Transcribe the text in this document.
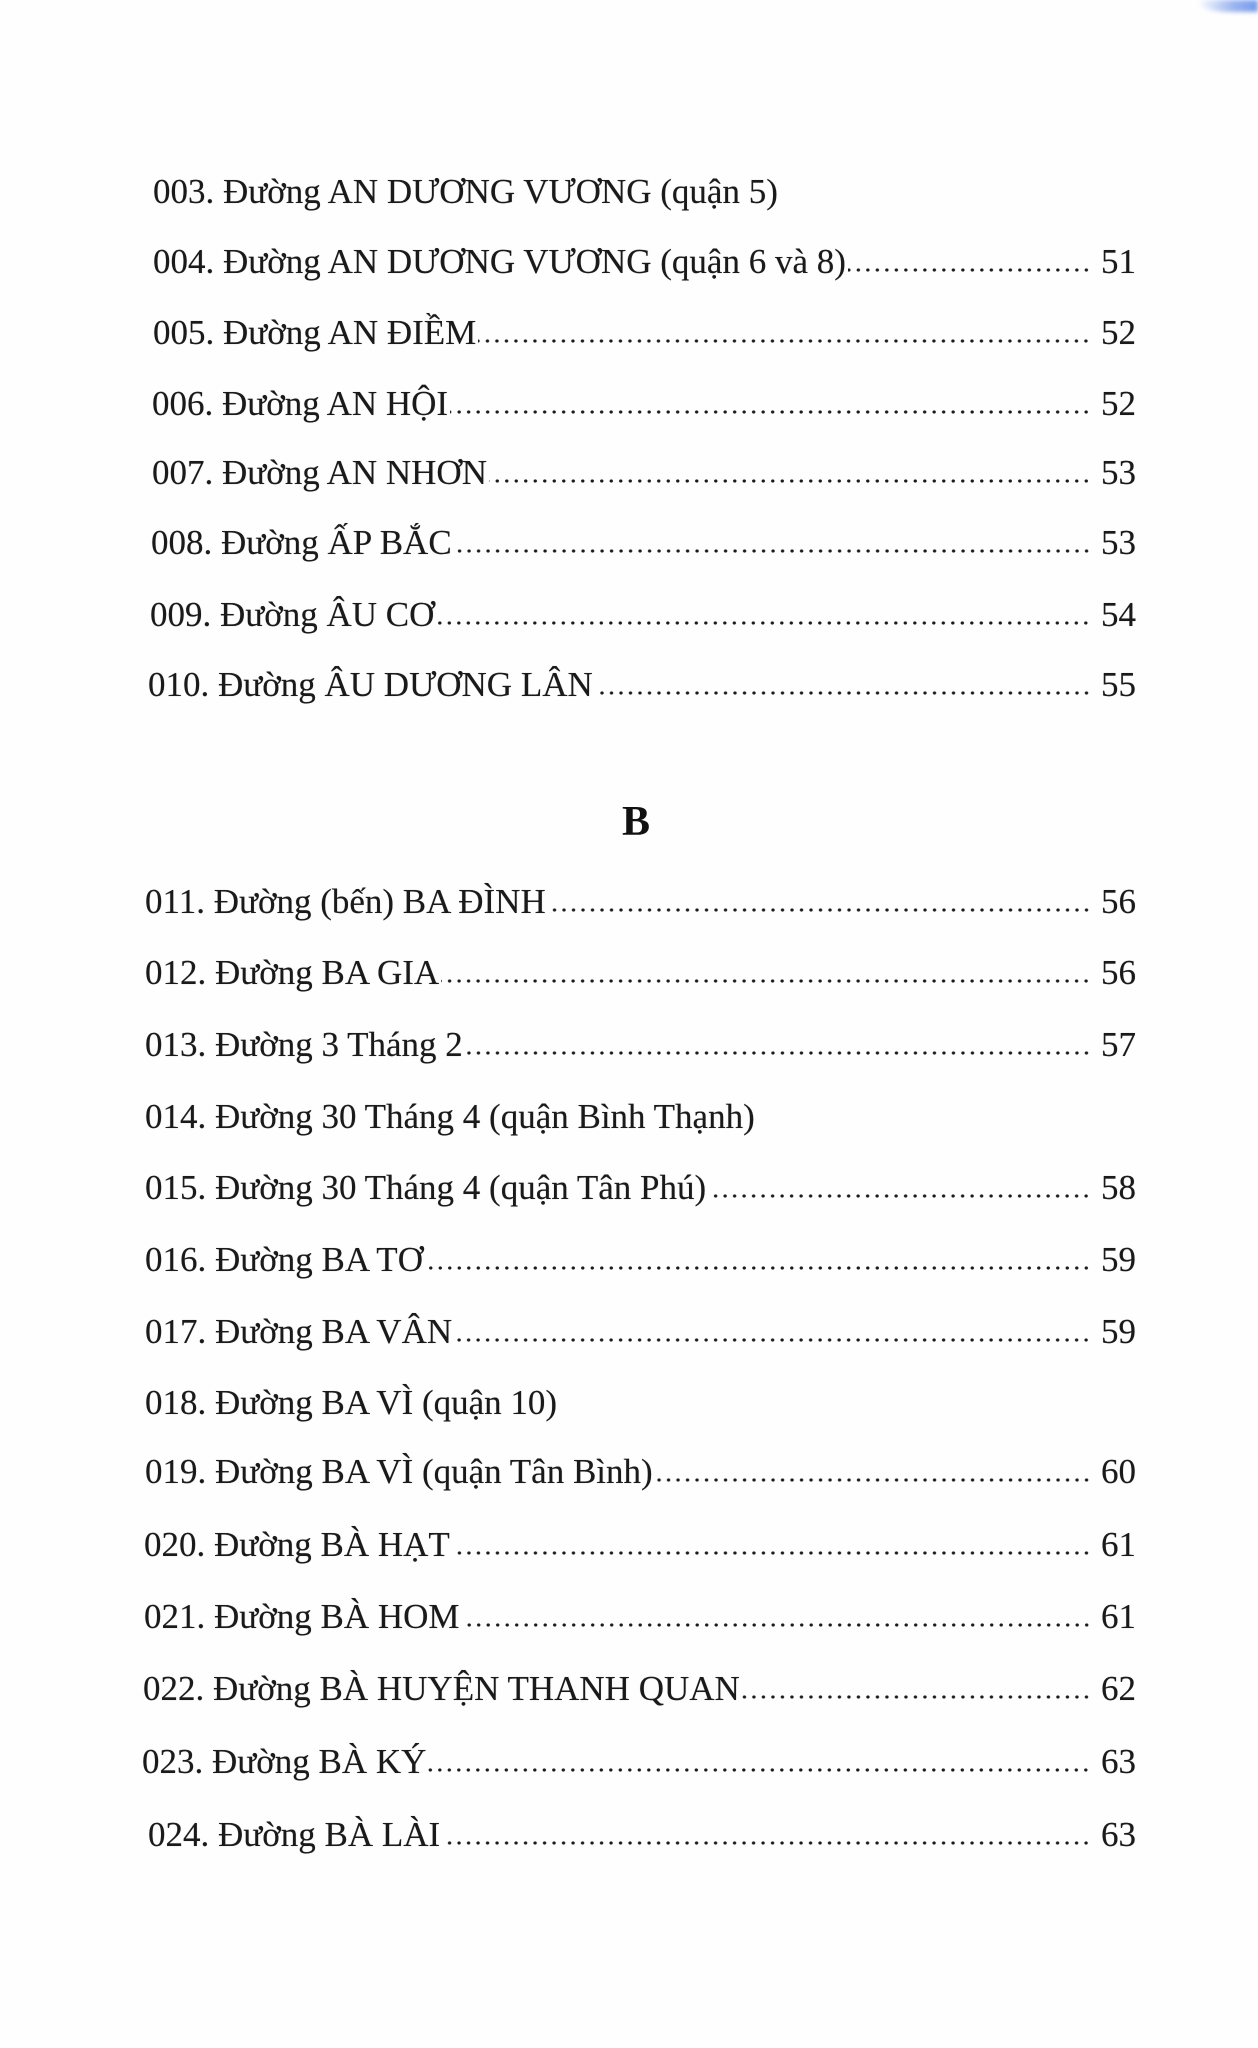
003. Đường AN DƯƠNG VƯƠNG (quận 5)
004. Đường AN DƯƠNG VƯƠNG (quận 6 và 8)	51
005. Đường AN ĐIỀM	52
006. Đường AN HỘI	52
007. Đường AN NHƠN	53
008. Đường ẤP BẮC	53
009. Đường ÂU CƠ	54
010. Đường ÂU DƯƠNG LÂN	55
B
011. Đường (bến) BA ĐÌNH	56
012. Đường BA GIA	56
013. Đường 3 Tháng 2	57
014. Đường 30 Tháng 4 (quận Bình Thạnh)
015. Đường 30 Tháng 4 (quận Tân Phú)	58
016. Đường BA TƠ	59
017. Đường BA VÂN	59
018. Đường BA VÌ (quận 10)
019. Đường BA VÌ (quận Tân Bình)	60
020. Đường BÀ HẠT	61
021. Đường BÀ HOM	61
022. Đường BÀ HUYỆN THANH QUAN	62
023. Đường BÀ KÝ	63
024. Đường BÀ LÀI	63
